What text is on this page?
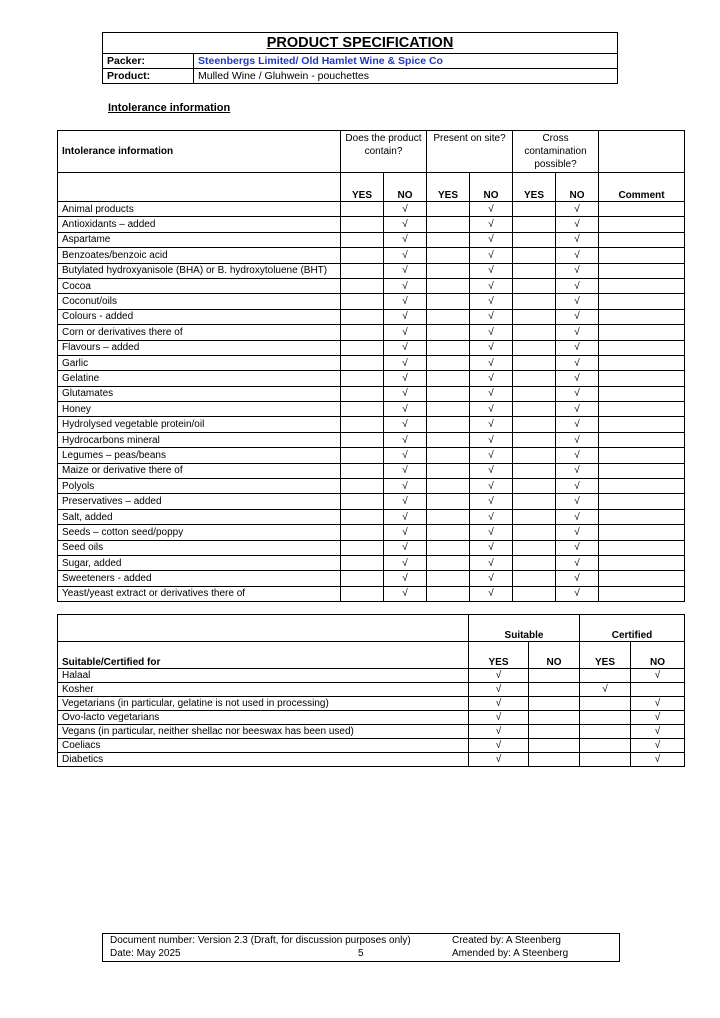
PRODUCT SPECIFICATION	
Packer:	Steenbergs Limited/ Old Hamlet Wine & Spice Co
Product:	Mulled Wine / Gluhwein - pouchettes
Intolerance information
Intolerance information	Does the product contain?		Present on site?		Cross contamination possible?		
	YES	NO	YES	NO	YES	NO	Comment
Animal products		√		√		√	
Antioxidants – added		√		√		√	
Aspartame		√		√		√	
Benzoates/benzoic acid		√		√		√	
Butylated hydroxyanisole (BHA) or B. hydroxytoluene (BHT)		√		√		√	
Cocoa		√		√		√	
Coconut/oils		√		√		√	
Colours - added		√		√		√	
Corn or derivatives there of		√		√		√	
Flavours – added		√		√		√	
Garlic		√		√		√	
Gelatine		√		√		√	
Glutamates		√		√		√	
Honey		√		√		√	
Hydrolysed vegetable protein/oil		√		√		√	
Hydrocarbons mineral		√		√		√	
Legumes – peas/beans		√		√		√	
Maize or derivative there of		√		√		√	
Polyols		√		√		√	
Preservatives – added		√		√		√	
Salt, added		√		√		√	
Seeds – cotton seed/poppy		√		√		√	
Seed oils		√		√		√	
Sugar, added		√		√		√	
Sweeteners - added		√		√		√	
Yeast/yeast extract or derivatives there of		√		√		√	
	Suitable		Certified	
Suitable/Certified for	YES	NO	YES	NO
Halaal	√			√
Kosher	√		√	
Vegetarians (in particular, gelatine is not used in processing)	√			√
Ovo-lacto vegetarians	√			√
Vegans (in particular, neither shellac nor beeswax has been used)	√			√
Coeliacs	√			√
Diabetics	√			√
Document number: Version 2.3 (Draft, for discussion purposes only)	Created by: A Steenberg
Date: May 2025	5	Amended by: A Steenberg
